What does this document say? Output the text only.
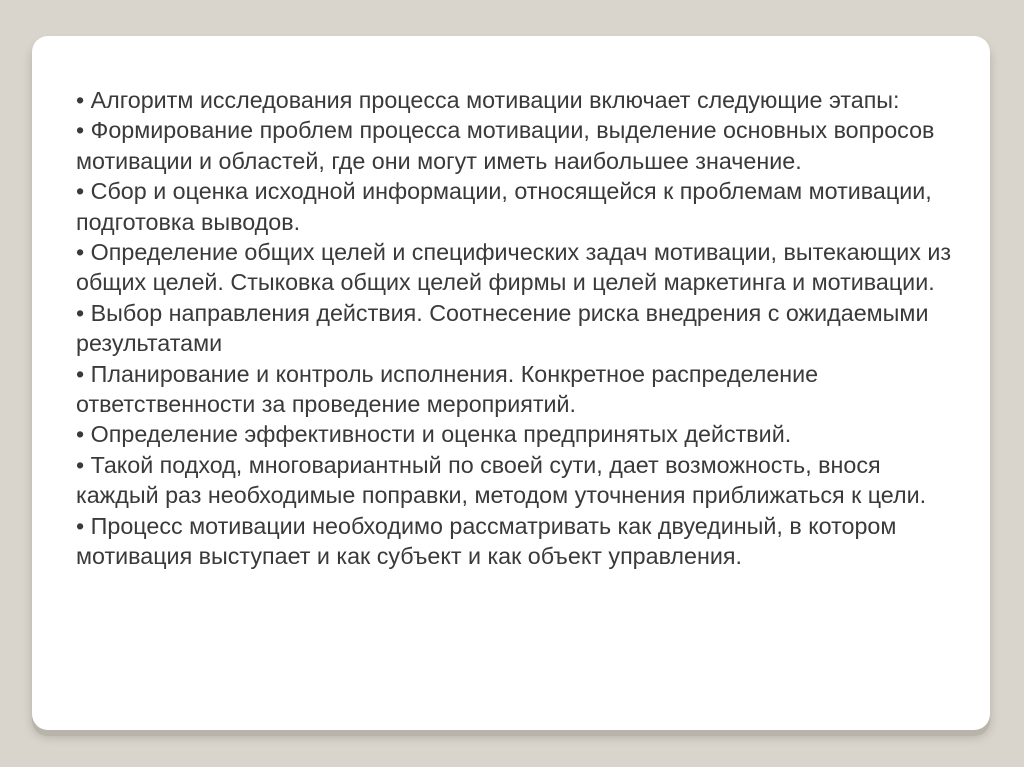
• Алгоритм исследования процесса мотивации включает следующие этапы:

• Формирование проблем процесса мотивации, выделение основных вопросов мотивации и областей, где они могут иметь наибольшее значение.

• Сбор и оценка исходной информации, относящейся к проблемам мотивации, подготовка выводов.

• Определение общих целей и специфических задач мотивации, вытекающих из общих целей. Стыковка общих целей фирмы и целей маркетинга и мотивации.

• Выбор направления действия. Соотнесение риска внедрения с ожидаемыми результатами

• Планирование и контроль исполнения. Конкретное распределение ответственности за проведение мероприятий.

• Определение эффективности и оценка предпринятых действий.

• Такой подход, многовариантный по своей сути, дает возможность, внося каждый раз необходимые поправки, методом уточнения приближаться к цели.

• Процесс мотивации необходимо рассматривать как двуединый, в котором мотивация выступает и как субъект и как объект управления.
